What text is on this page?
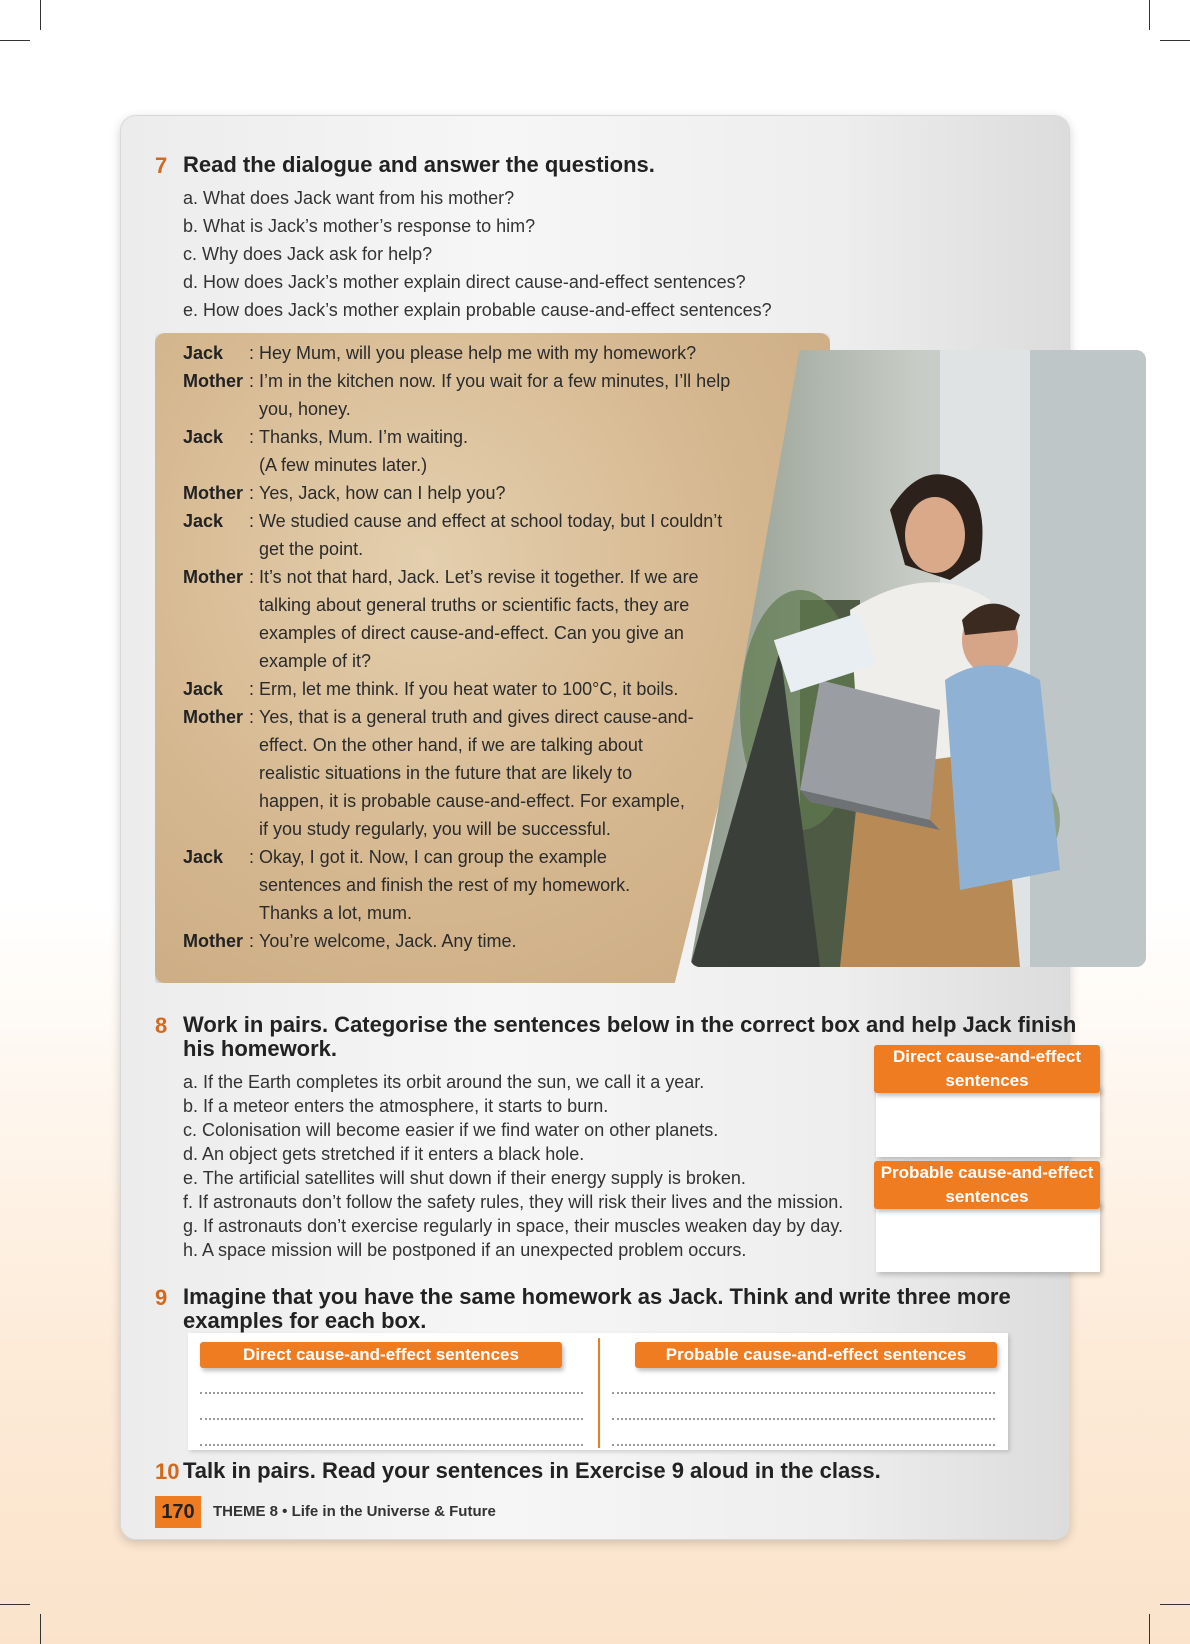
7 Read the dialogue and answer the questions.
a. What does Jack want from his mother?
b. What is Jack’s mother’s response to him?
c. Why does Jack ask for help?
d. How does Jack’s mother explain direct cause-and-effect sentences?
e. How does Jack’s mother explain probable cause-and-effect sentences?
Jack : Hey Mum, will you please help me with my homework?
Mother : I’m in the kitchen now. If you wait for a few minutes, I’ll help
you, honey.
Jack : Thanks, Mum. I’m waiting.
(A few minutes later.)
Mother : Yes, Jack, how can I help you?
Jack : We studied cause and effect at school today, but I couldn’t
get the point.
Mother : It’s not that hard, Jack. Let’s revise it together. If we are
talking about general truths or scientific facts, they are
examples of direct cause-and-effect. Can you give an
example of it?
Jack : Erm, let me think. If you heat water to 100°C, it boils.
Mother : Yes, that is a general truth and gives direct cause-and-
effect. On the other hand, if we are talking about
realistic situations in the future that are likely to
happen, it is probable cause-and-effect. For example,
if you study regularly, you will be successful.
Jack : Okay, I got it. Now, I can group the example
sentences and finish the rest of my homework.
Thanks a lot, mum.
Mother : You’re welcome, Jack. Any time.
8 Work in pairs. Categorise the sentences below in the correct box and help Jack finish
his homework.
a. If the Earth completes its orbit around the sun, we call it a year.
b. If a meteor enters the atmosphere, it starts to burn.
c. Colonisation will become easier if we find water on other planets.
d. An object gets stretched if it enters a black hole.
e. The artificial satellites will shut down if their energy supply is broken.
f. If astronauts don’t follow the safety rules, they will risk their lives and the mission.
g. If astronauts don’t exercise regularly in space, their muscles weaken day by day.
h. A space mission will be postponed if an unexpected problem occurs.
Direct cause-and-effect
sentences
Probable cause-and-effect
sentences
9 Imagine that you have the same homework as Jack. Think and write three more
examples for each box.
Direct cause-and-effect sentences	Probable cause-and-effect sentences
10 Talk in pairs. Read your sentences in Exercise 9 aloud in the class.
170	THEME 8 • Life in the Universe & Future
